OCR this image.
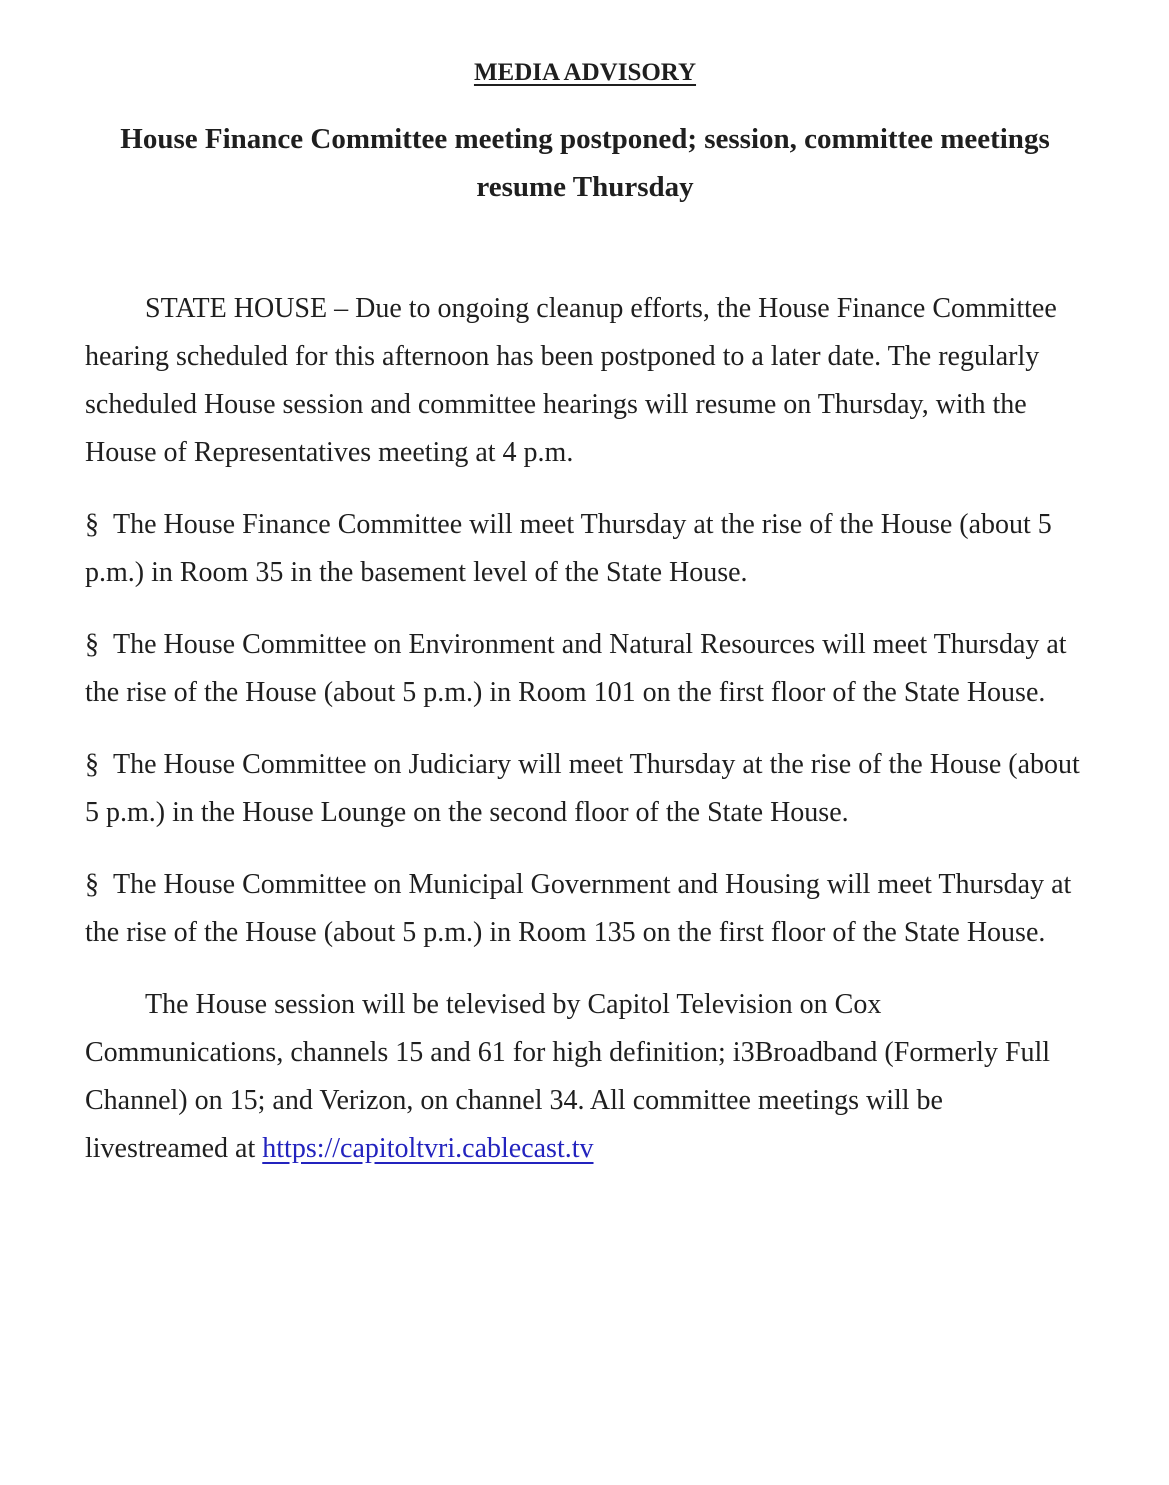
MEDIA ADVISORY
House Finance Committee meeting postponed; session, committee meetings resume Thursday

STATE HOUSE – Due to ongoing cleanup efforts, the House Finance Committee hearing scheduled for this afternoon has been postponed to a later date. The regularly scheduled House session and committee hearings will resume on Thursday, with the House of Representatives meeting at 4 p.m.

§ The House Finance Committee will meet Thursday at the rise of the House (about 5 p.m.) in Room 35 in the basement level of the State House.

§ The House Committee on Environment and Natural Resources will meet Thursday at the rise of the House (about 5 p.m.) in Room 101 on the first floor of the State House.

§ The House Committee on Judiciary will meet Thursday at the rise of the House (about 5 p.m.) in the House Lounge on the second floor of the State House.

§ The House Committee on Municipal Government and Housing will meet Thursday at the rise of the House (about 5 p.m.) in Room 135 on the first floor of the State House.

The House session will be televised by Capitol Television on Cox Communications, channels 15 and 61 for high definition; i3Broadband (Formerly Full Channel) on 15; and Verizon, on channel 34. All committee meetings will be livestreamed at https://capitoltvri.cablecast.tv
